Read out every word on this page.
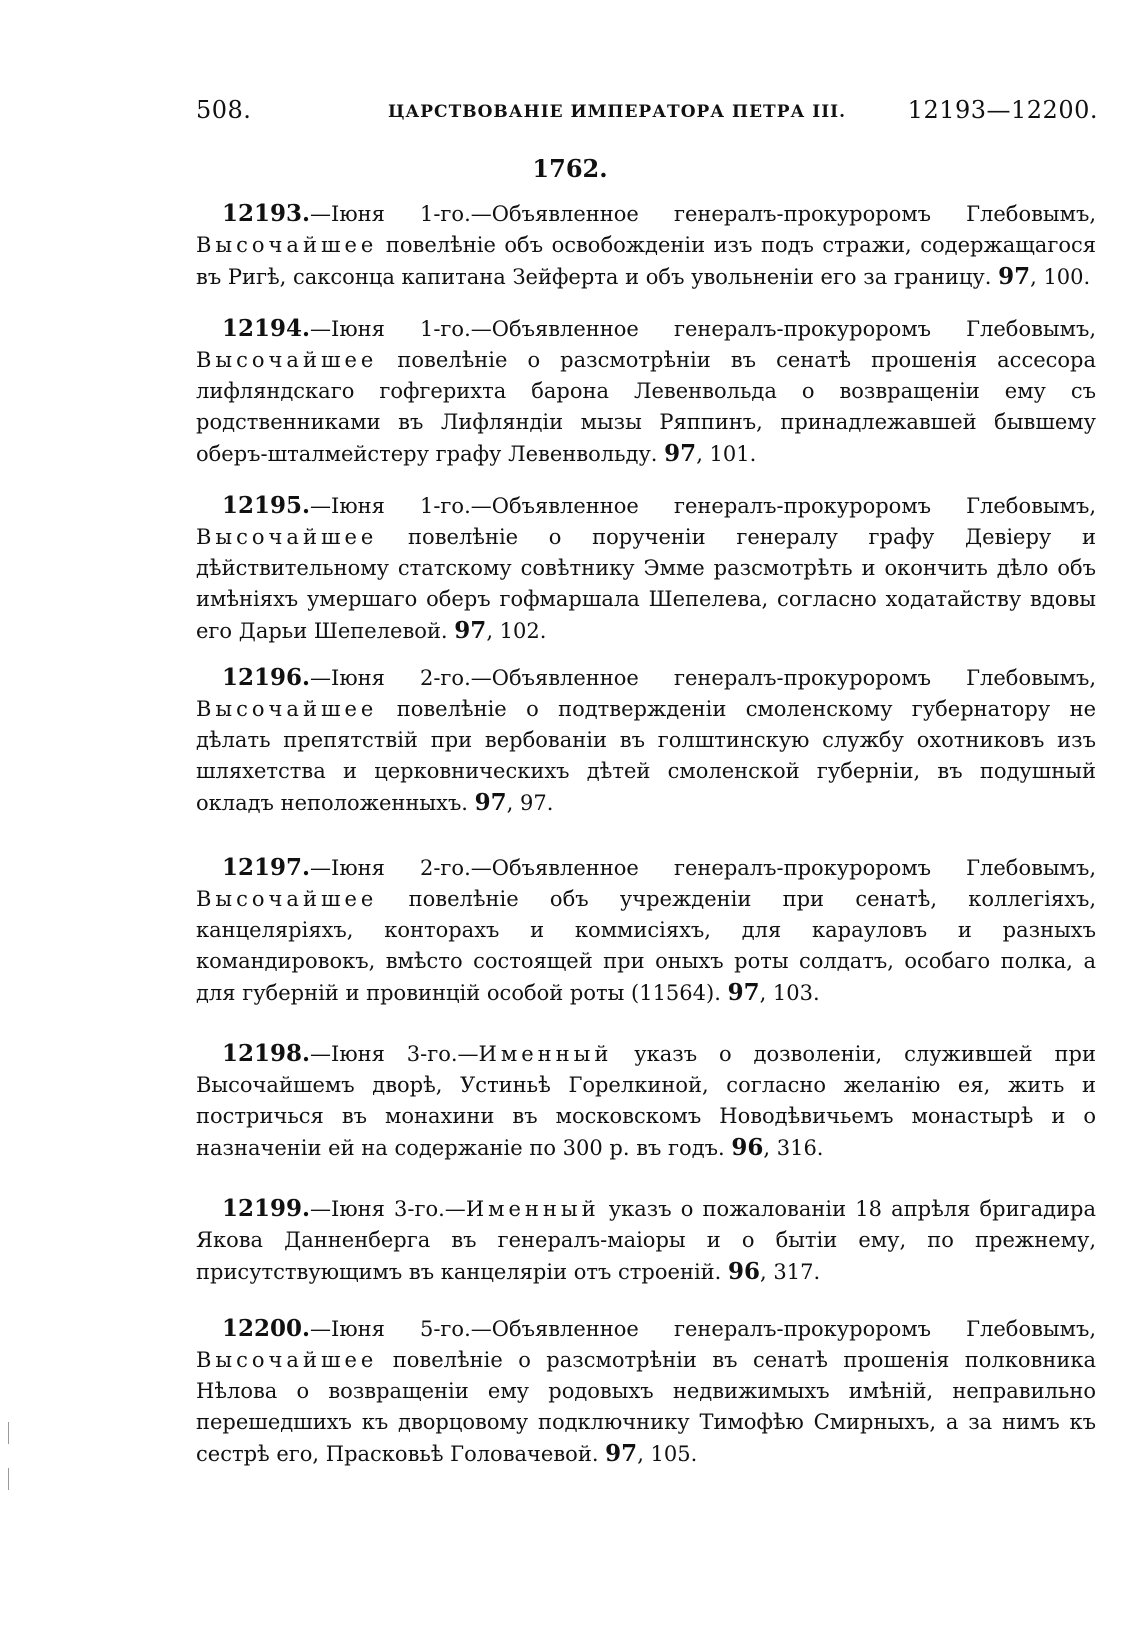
508.	ЦАРСТВОВАНІЕ ИМПЕРАТОРА ПЕТРА III.	12193—12200.
1762.

12193.—Іюня 1-го.—Объявленное генералъ-прокуроромъ Глебовымъ, Высочайшее повелѣніе объ освобожденіи изъ подъ стражи, содержащагося въ Ригѣ, саксонца капитана Зейферта и объ увольненіи его за границу. 97, 100.

12194.—Іюня 1-го.—Объявленное генералъ-прокуроромъ Глебовымъ, Высочайшее повелѣніе о разсмотрѣніи въ сенатѣ прошенія ассесора лифляндскаго гофгерихта барона Левенвольда о возвращеніи ему съ родственниками въ Лифляндіи мызы Ряппинъ, принадлежавшей бывшему оберъ-шталмейстеру графу Левенвольду. 97, 101.

12195.—Іюня 1-го.—Объявленное генералъ-прокуроромъ Глебовымъ, Высочайшее повелѣніе о порученіи генералу графу Девіеру и дѣйствительному статскому совѣтнику Эмме разсмотрѣть и окончить дѣло объ имѣніяхъ умершаго оберъ гофмаршала Шепелева, согласно ходатайству вдовы его Дарьи Шепелевой. 97, 102.

12196.—Іюня 2-го.—Объявленное генералъ-прокуроромъ Глебовымъ, Высочайшее повелѣніе о подтвержденіи смоленскому губернатору не дѣлать препятствій при вербованіи въ голштинскую службу охотниковъ изъ шляхетства и церковническихъ дѣтей смоленской губерніи, въ подушный окладъ неположенныхъ. 97, 97.

12197.—Іюня 2-го.—Объявленное генералъ-прокуроромъ Глебовымъ, Высочайшее повелѣніе объ учрежденіи при сенатѣ, коллегіяхъ, канцеляріяхъ, конторахъ и коммисіяхъ, для карауловъ и разныхъ командировокъ, вмѣсто состоящей при оныхъ роты солдатъ, особаго полка, а для губерній и провинцій особой роты (11564). 97, 103.

12198.—Іюня 3-го.—Именный указъ о дозволеніи, служившей при Высочайшемъ дворѣ, Устиньѣ Горелкиной, согласно желанію ея, жить и постричься въ монахини въ московскомъ Новодѣвичьемъ монастырѣ и о назначеніи ей на содержаніе по 300 р. въ годъ. 96, 316.

12199.—Іюня 3-го.—Именный указъ о пожалованіи 18 апрѣля бригадира Якова Данненберга въ генералъ-маіоры и о бытіи ему, по прежнему, присутствующимъ въ канцеляріи отъ строеній. 96, 317.

12200.—Іюня 5-го.—Объявленное генералъ-прокуроромъ Глебовымъ, Высочайшее повелѣніе о разсмотрѣніи въ сенатѣ прошенія полковника Нѣлова о возвращеніи ему родовыхъ недвижимыхъ имѣній, неправильно перешедшихъ къ дворцовому подключнику Тимофѣю Смирныхъ, а за нимъ къ сестрѣ его, Прасковьѣ Головачевой. 97, 105.
